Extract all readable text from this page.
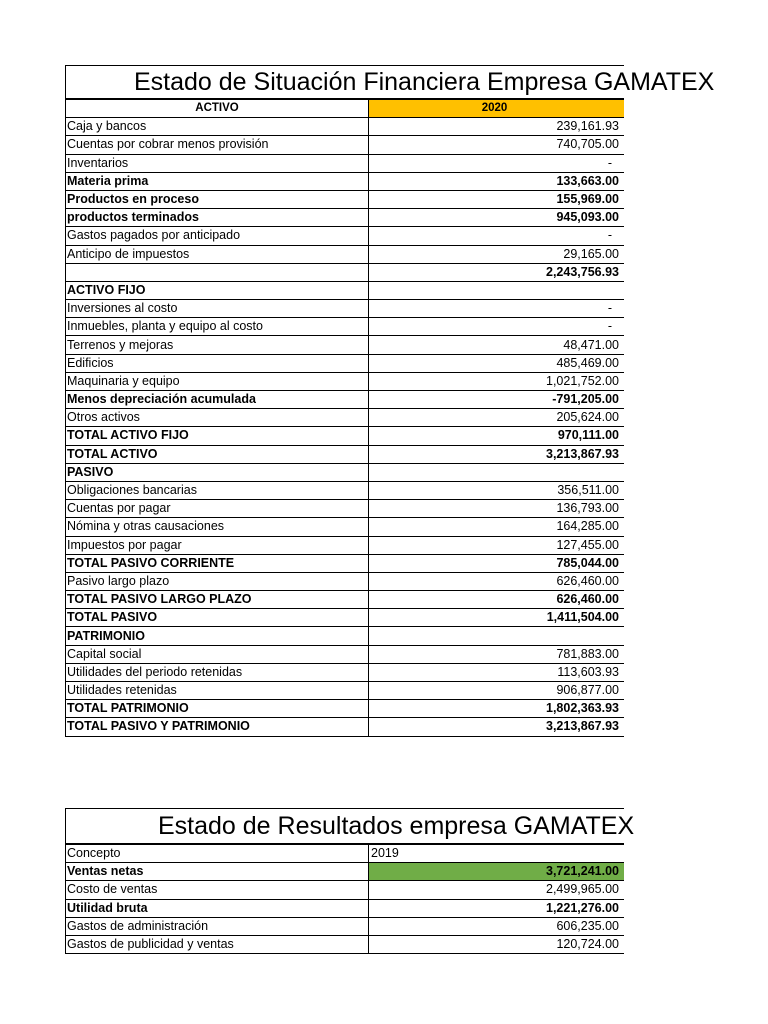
Estado de Situación Financiera Empresa GAMATEX
ACTIVO	2020
Caja y bancos	239,161.93
Cuentas por cobrar menos provisión	740,705.00
Inventarios	-
Materia prima	133,663.00
Productos en proceso	155,969.00
productos terminados	945,093.00
Gastos pagados por anticipado	-
Anticipo de impuestos	29,165.00
	2,243,756.93
ACTIVO FIJO	
Inversiones al costo	-
Inmuebles, planta y equipo al costo	-
Terrenos y mejoras	48,471.00
Edificios	485,469.00
Maquinaria y equipo	1,021,752.00
Menos depreciación acumulada	-791,205.00
Otros activos	205,624.00
TOTAL ACTIVO FIJO	970,111.00
TOTAL ACTIVO	3,213,867.93
PASIVO	
Obligaciones bancarias	356,511.00
Cuentas por pagar	136,793.00
Nómina y otras causaciones	164,285.00
Impuestos por pagar	127,455.00
TOTAL PASIVO CORRIENTE	785,044.00
Pasivo largo plazo	626,460.00
TOTAL PASIVO LARGO PLAZO	626,460.00
TOTAL PASIVO	1,411,504.00
PATRIMONIO	
Capital social	781,883.00
Utilidades del periodo retenidas	113,603.93
Utilidades retenidas	906,877.00
TOTAL PATRIMONIO	1,802,363.93
TOTAL PASIVO Y PATRIMONIO	3,213,867.93
Estado de Resultados empresa GAMATEX
Concepto	2019
Ventas netas	3,721,241.00
Costo de ventas	2,499,965.00
Utilidad bruta	1,221,276.00
Gastos de administración	606,235.00
Gastos de publicidad y ventas	120,724.00
